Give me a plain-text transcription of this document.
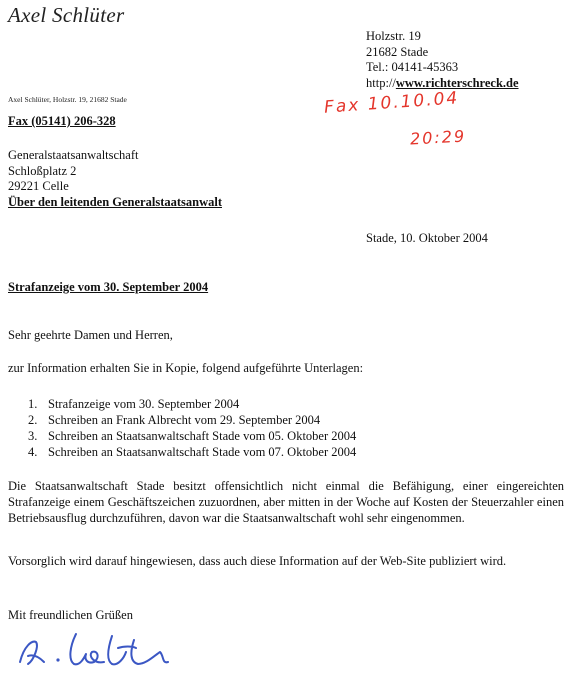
Axel Schlüter
Holzstr. 19
21682 Stade
Tel.: 04141-45363
http://www.richterschreck.de
Axel Schlüter, Holzstr. 19, 21682 Stade
Fax (05141) 206-328
Fax 10.10.04
20:29
Generalstaatsanwaltschaft
Schloßplatz 2
29221 Celle
Über den leitenden Generalstaatsanwalt
Stade, 10. Oktober 2004
Strafanzeige vom 30. September 2004
Sehr geehrte Damen und Herren,
zur Information erhalten Sie in Kopie, folgend aufgeführte Unterlagen:
1. Strafanzeige vom 30. September 2004
2. Schreiben an Frank Albrecht vom 29. September 2004
3. Schreiben an Staatsanwaltschaft Stade vom 05. Oktober 2004
4. Schreiben an Staatsanwaltschaft Stade vom 07. Oktober 2004
Die Staatsanwaltschaft Stade besitzt offensichtlich nicht einmal die Befähigung, einer eingereichten Strafanzeige einem Geschäftszeichen zuzuordnen, aber mitten in der Woche auf Kosten der Steuerzahler einen Betriebsausflug durchzuführen, davon war die Staatsanwaltschaft wohl sehr eingenommen.
Vorsorglich wird darauf hingewiesen, dass auch diese Information auf der Web-Site publiziert wird.
Mit freundlichen Grüßen
